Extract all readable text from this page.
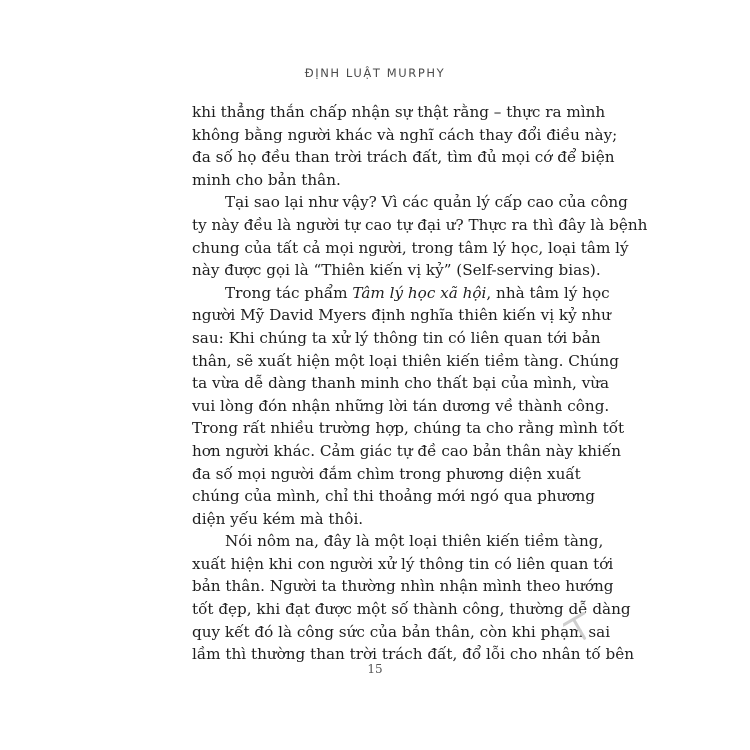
ĐỊNH LUẬT MURPHY
khi thẳng thắn chấp nhận sự thật rằng – thực ra mình
không bằng người khác và nghĩ cách thay đổi điều này;
đa số họ đều than trời trách đất, tìm đủ mọi cớ để biện
minh cho bản thân.
Tại sao lại như vậy? Vì các quản lý cấp cao của công
ty này đều là người tự cao tự đại ư? Thực ra thì đây là bệnh
chung của tất cả mọi người, trong tâm lý học, loại tâm lý
này được gọi là “Thiên kiến vị kỷ” (Self-serving bias).
Trong tác phẩm Tâm lý học xã hội, nhà tâm lý học
người Mỹ David Myers định nghĩa thiên kiến vị kỷ như
sau: Khi chúng ta xử lý thông tin có liên quan tới bản
thân, sẽ xuất hiện một loại thiên kiến tiềm tàng. Chúng
ta vừa dễ dàng thanh minh cho thất bại của mình, vừa
vui lòng đón nhận những lời tán dương về thành công.
Trong rất nhiều trường hợp, chúng ta cho rằng mình tốt
hơn người khác. Cảm giác tự đề cao bản thân này khiến
đa số mọi người đắm chìm trong phương diện xuất
chúng của mình, chỉ thi thoảng mới ngó qua phương
diện yếu kém mà thôi.
Nói nôm na, đây là một loại thiên kiến tiềm tàng,
xuất hiện khi con người xử lý thông tin có liên quan tới
bản thân. Người ta thường nhìn nhận mình theo hướng
tốt đẹp, khi đạt được một số thành công, thường dễ dàng
quy kết đó là công sức của bản thân, còn khi phạm sai
lầm thì thường than trời trách đất, đổ lỗi cho nhân tố bên
15
